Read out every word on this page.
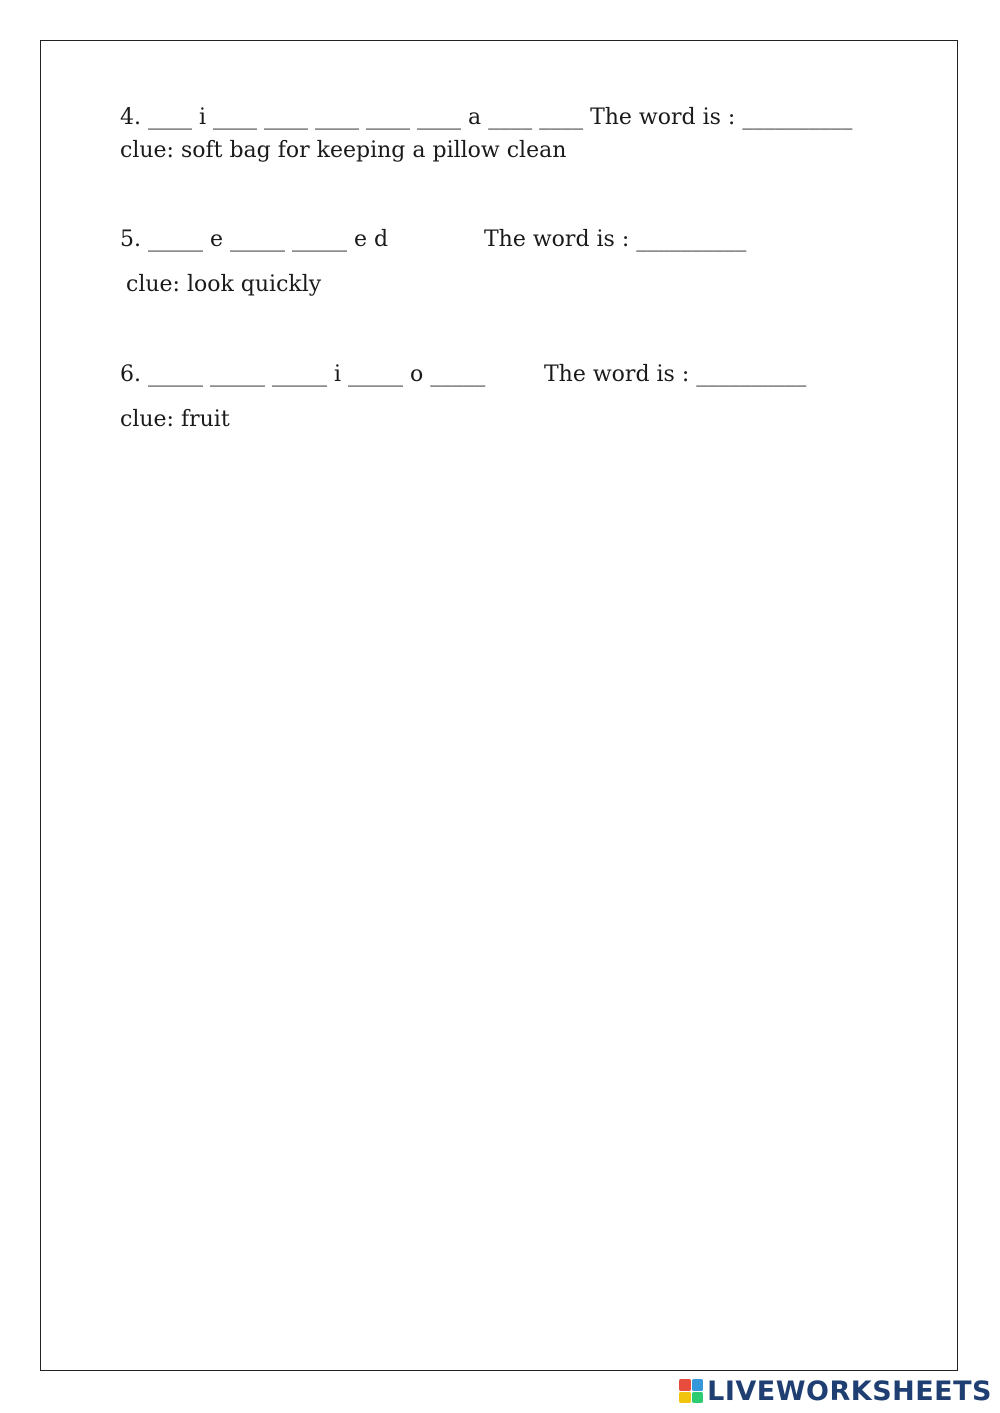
4. ____ i ____ ____ ____ ____ ____ a ____ ____ The word is : __________
clue: soft bag for keeping a pillow clean
5. _____ e _____ _____ e d	The word is : __________
clue: look quickly
6. _____ _____ _____ i _____ o _____	The word is : __________
clue: fruit
LIVEWORKSHEETS
